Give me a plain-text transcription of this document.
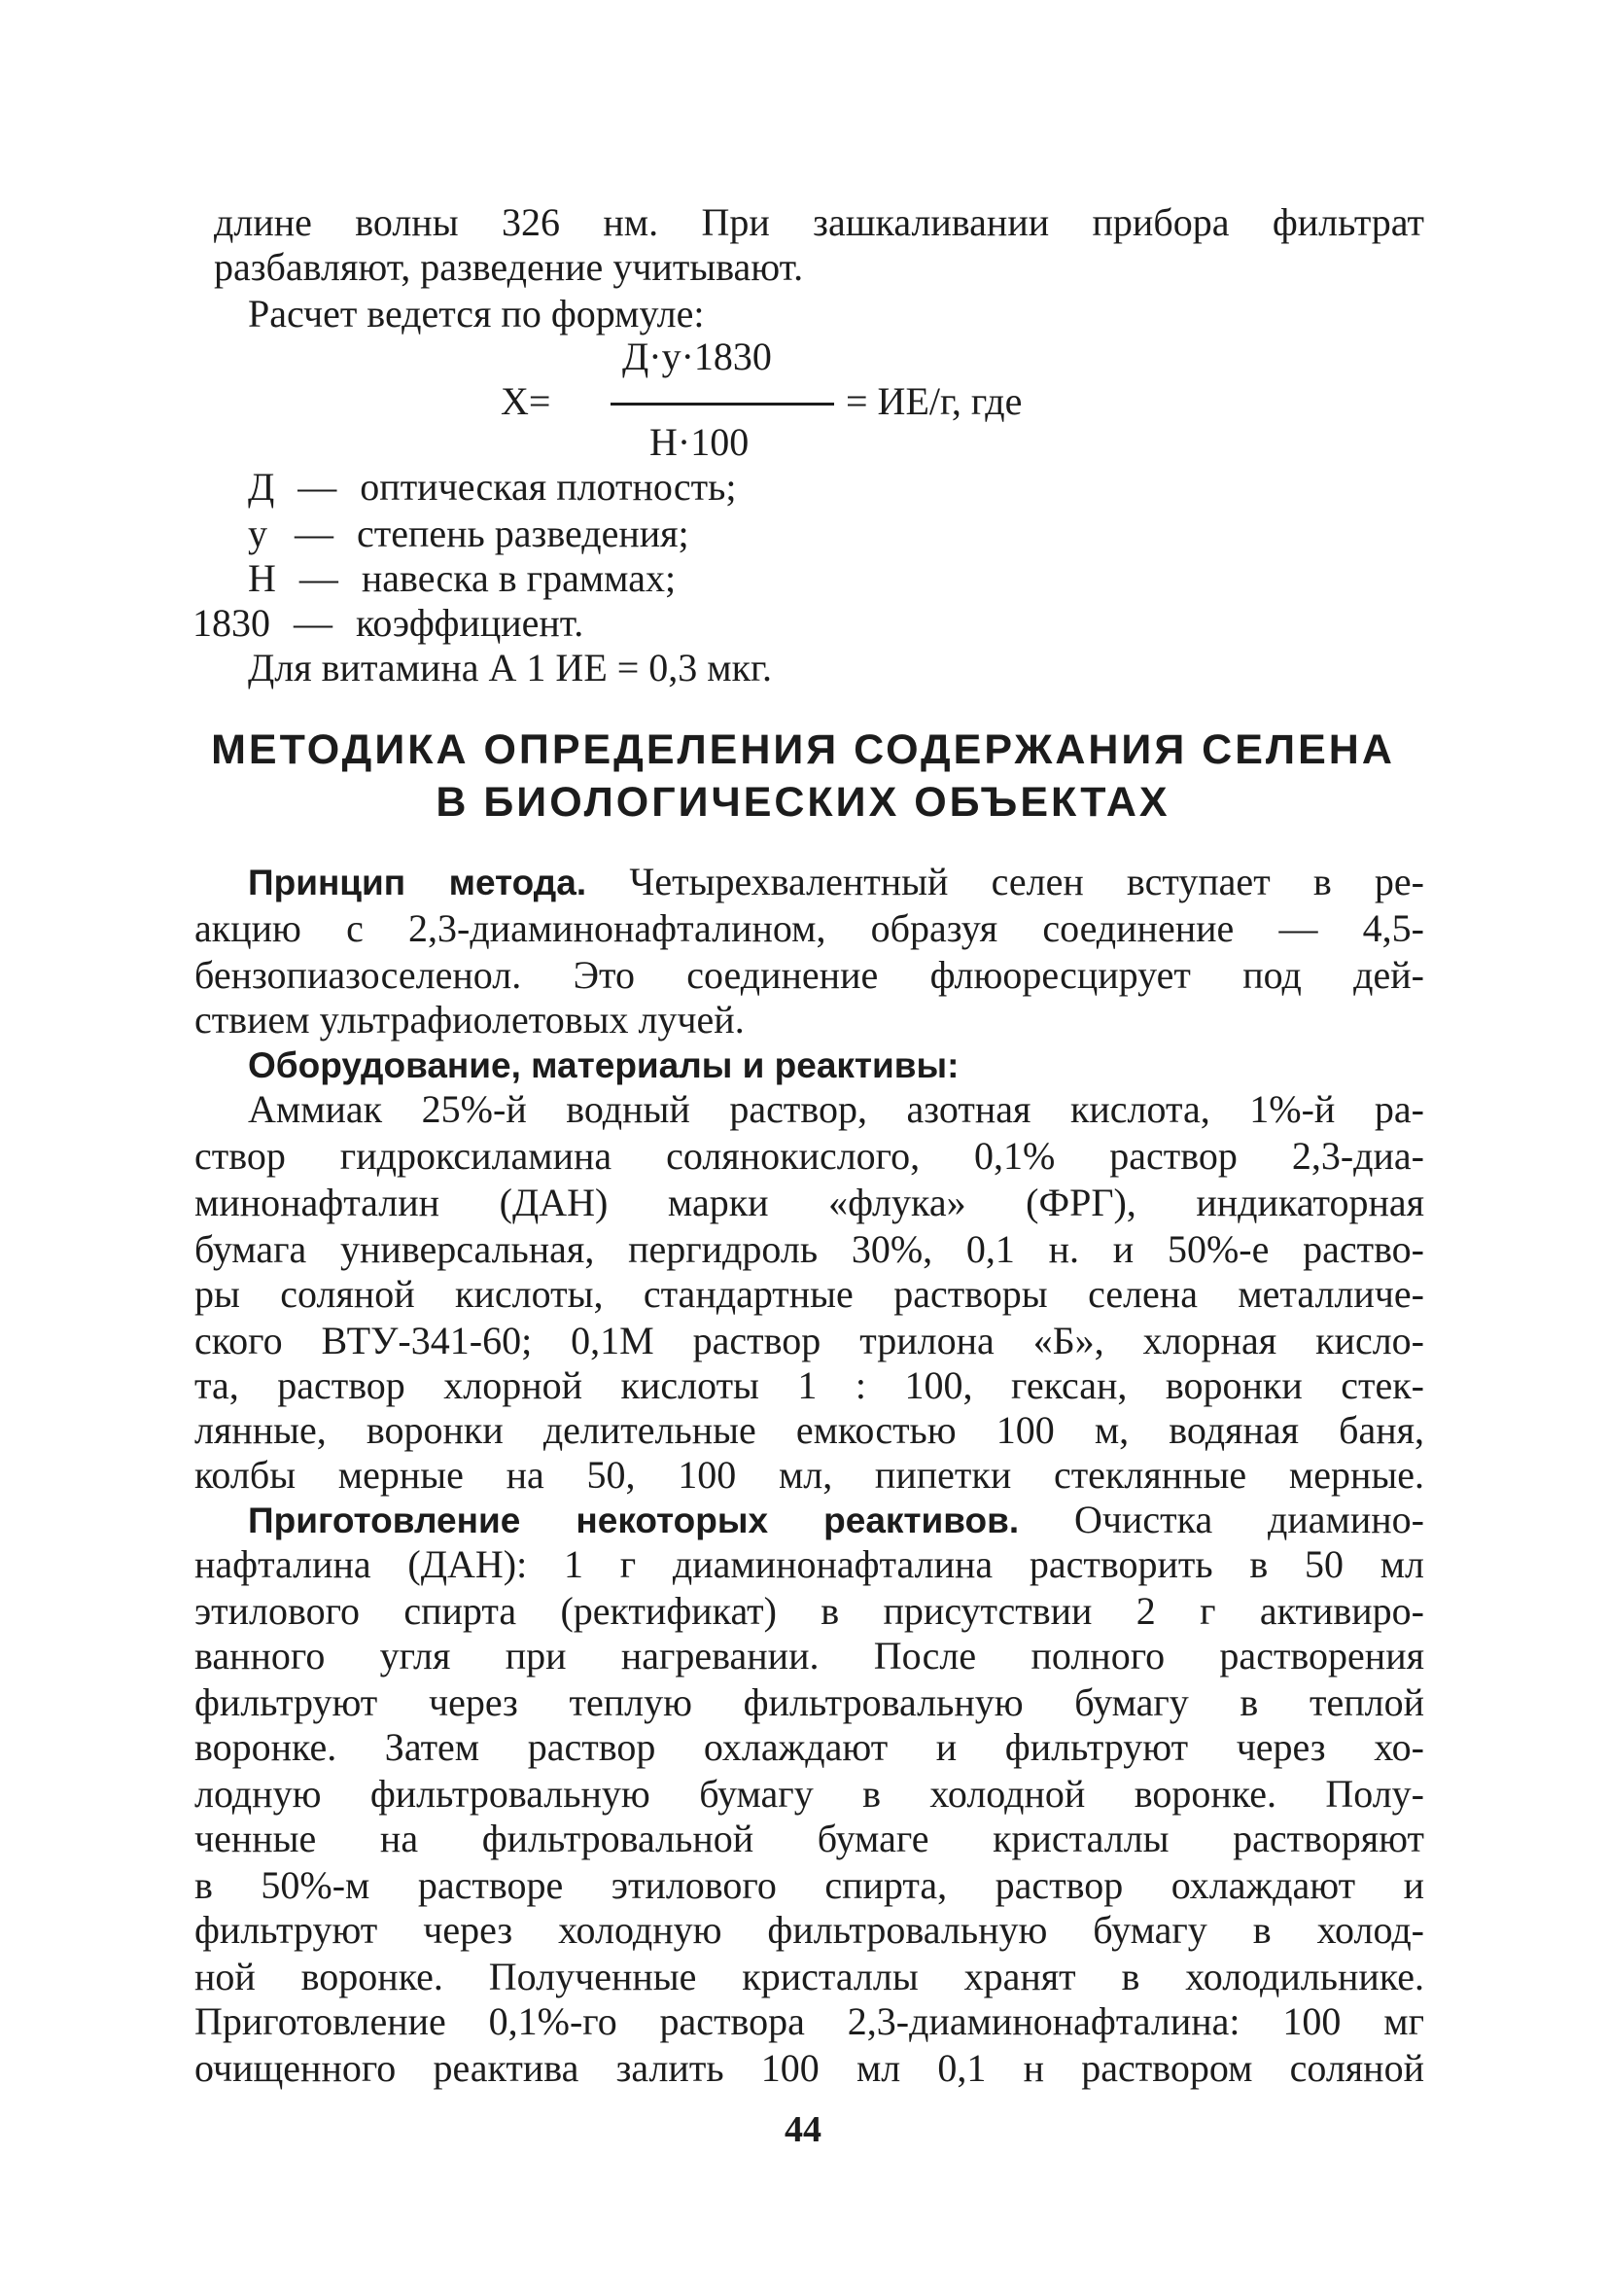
длине волны 326 нм. При зашкаливании прибора фильтрат
разбавляют, разведение учитывают.
Расчет ведется по формуле:
Д·у·1830
Х=	= ИЕ/г, где
Н·100
Д — оптическая плотность;
у — степень разведения;
Н — навеска в граммах;
1830 — коэффициент.
Для витамина А 1 ИЕ = 0,3 мкг.
МЕТОДИКА ОПРЕДЕЛЕНИЯ СОДЕРЖАНИЯ СЕЛЕНА
В БИОЛОГИЧЕСКИХ ОБЪЕКТАХ
Принцип метода. Четырехвалентный селен вступает в ре-
акцию с 2,3-диаминонафталином, образуя соединение — 4,5-
бензопиазоселенол. Это соединение флюоресцирует под дей-
ствием ультрафиолетовых лучей.
Оборудование, материалы и реактивы:
Аммиак 25%-й водный раствор, азотная кислота, 1%-й ра-
створ гидроксиламина солянокислого, 0,1% раствор 2,3-диа-
минонафталин (ДАН) марки «флука» (ФРГ), индикаторная
бумага универсальная, пергидроль 30%, 0,1 н. и 50%-е раство-
ры соляной кислоты, стандартные растворы селена металличе-
ского ВТУ-341-60; 0,1М раствор трилона «Б», хлорная кисло-
та, раствор хлорной кислоты 1 : 100, гексан, воронки стек-
лянные, воронки делительные емкостью 100 м, водяная баня,
колбы мерные на 50, 100 мл, пипетки стеклянные мерные.
Приготовление некоторых реактивов. Очистка диамино-
нафталина (ДАН): 1 г диаминонафталина растворить в 50 мл
этилового спирта (ректификат) в присутствии 2 г активиро-
ванного угля при нагревании. После полного растворения
фильтруют через теплую фильтровальную бумагу в теплой
воронке. Затем раствор охлаждают и фильтруют через хо-
лодную фильтровальную бумагу в холодной воронке. Полу-
ченные на фильтровальной бумаге кристаллы растворяют
в 50%-м растворе этилового спирта, раствор охлаждают и
фильтруют через холодную фильтровальную бумагу в холод-
ной воронке. Полученные кристаллы хранят в холодильнике.
Приготовление 0,1%-го раствора 2,3-диаминонафталина: 100 мг
очищенного реактива залить 100 мл 0,1 н раствором соляной
44
